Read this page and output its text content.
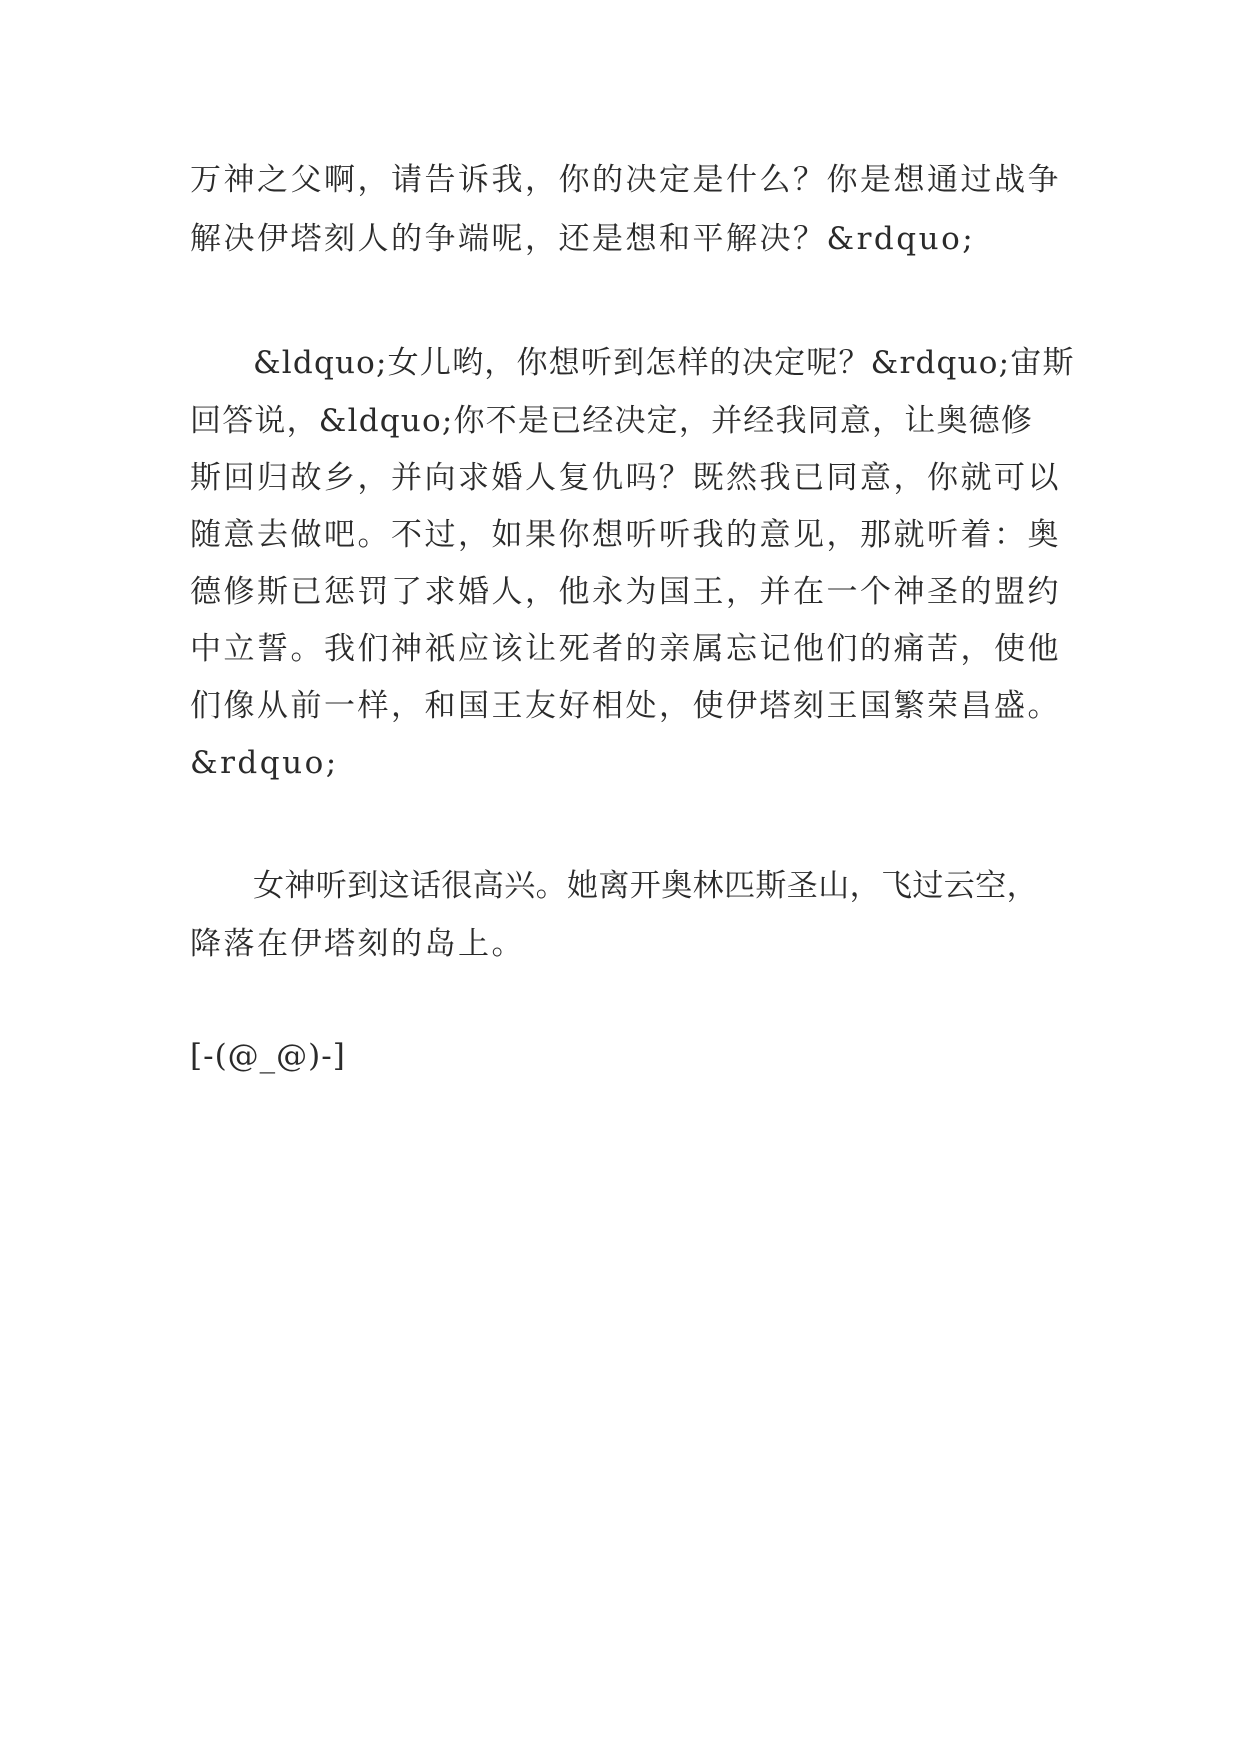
万神之父啊，请告诉我，你的决定是什么？你是想通过战争
解决伊塔刻人的争端呢，还是想和平解决？&rdquo;
&ldquo;女儿哟，你想听到怎样的决定呢？&rdquo;宙斯
回答说，&ldquo;你不是已经决定，并经我同意，让奥德修
斯回归故乡，并向求婚人复仇吗？既然我已同意，你就可以
随意去做吧。不过，如果你想听听我的意见，那就听着：奥
德修斯已惩罚了求婚人，他永为国王，并在一个神圣的盟约
中立誓。我们神祇应该让死者的亲属忘记他们的痛苦，使他
们像从前一样，和国王友好相处，使伊塔刻王国繁荣昌盛。
&rdquo;
女神听到这话很高兴。她离开奥林匹斯圣山，飞过云空，
降落在伊塔刻的岛上。
[-(@_@)-]
